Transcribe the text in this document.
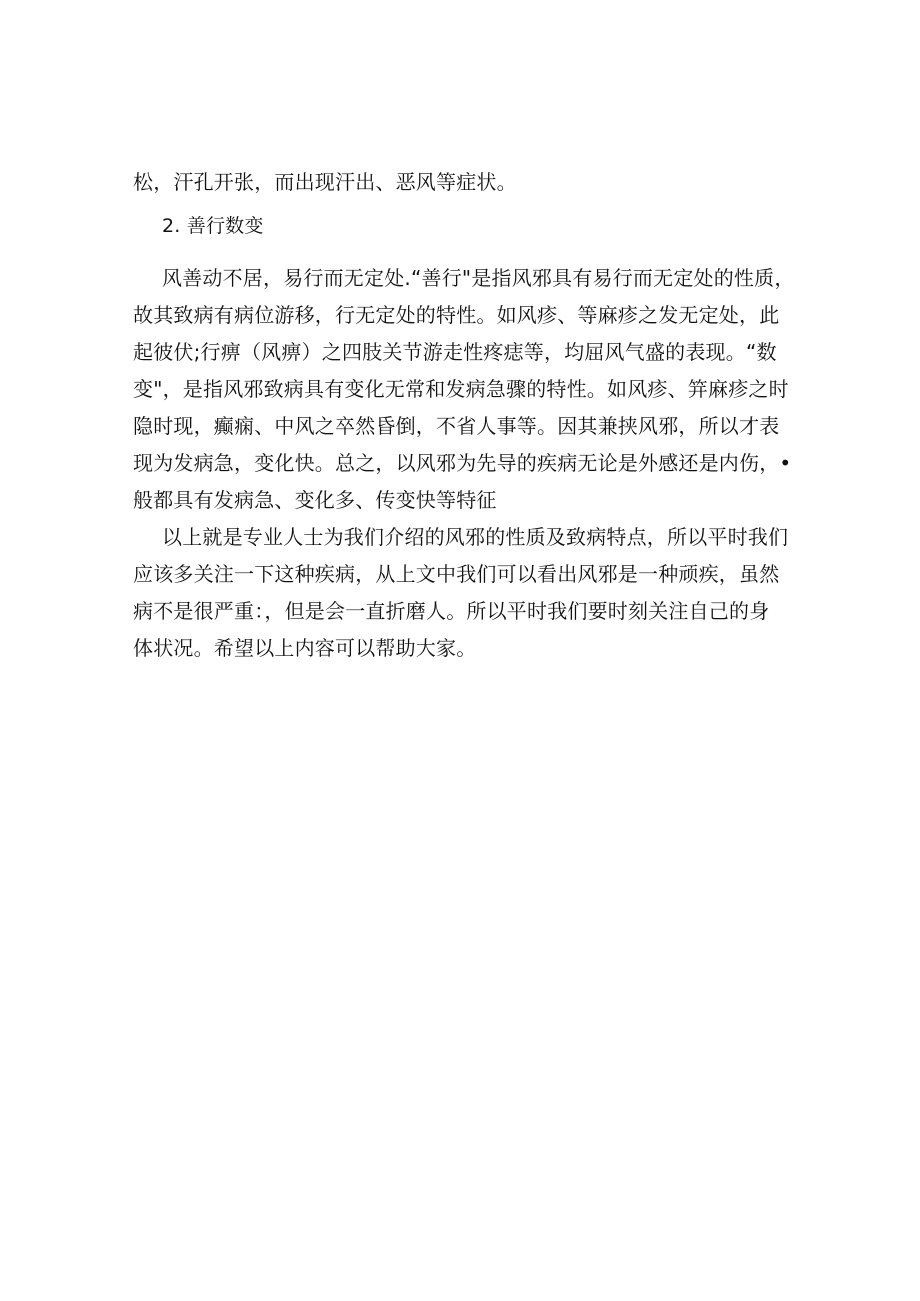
松，汗孔开张，而出现汗出、恶风等症状。
2. 善行数变
风善动不居，易行而无定处.“善行"是指风邪具有易行而无定处的性质，
故其致病有病位游移，行无定处的特性。如风疹、等麻疹之发无定处，此
起彼伏;行痹（风痹）之四肢关节游走性疼痣等，均屈风气盛的表现。“数
变"，是指风邪致病具有变化无常和发病急骤的特性。如风疹、笄麻疹之时
隐时现，癫痫、中风之卒然昏倒，不省人事等。因其兼挟风邪，所以才表
现为发病急，变化快。总之，以风邪为先导的疾病无论是外感还是内伤，•
般都具有发病急、变化多、传变快等特征
以上就是专业人士为我们介绍的风邪的性质及致病特点，所以平时我们
应该多关注一下这种疾病，从上文中我们可以看出风邪是一种顽疾，虽然
病不是很严重：，但是会一直折磨人。所以平时我们要时刻关注自己的身
体状况。希望以上内容可以帮助大家。
